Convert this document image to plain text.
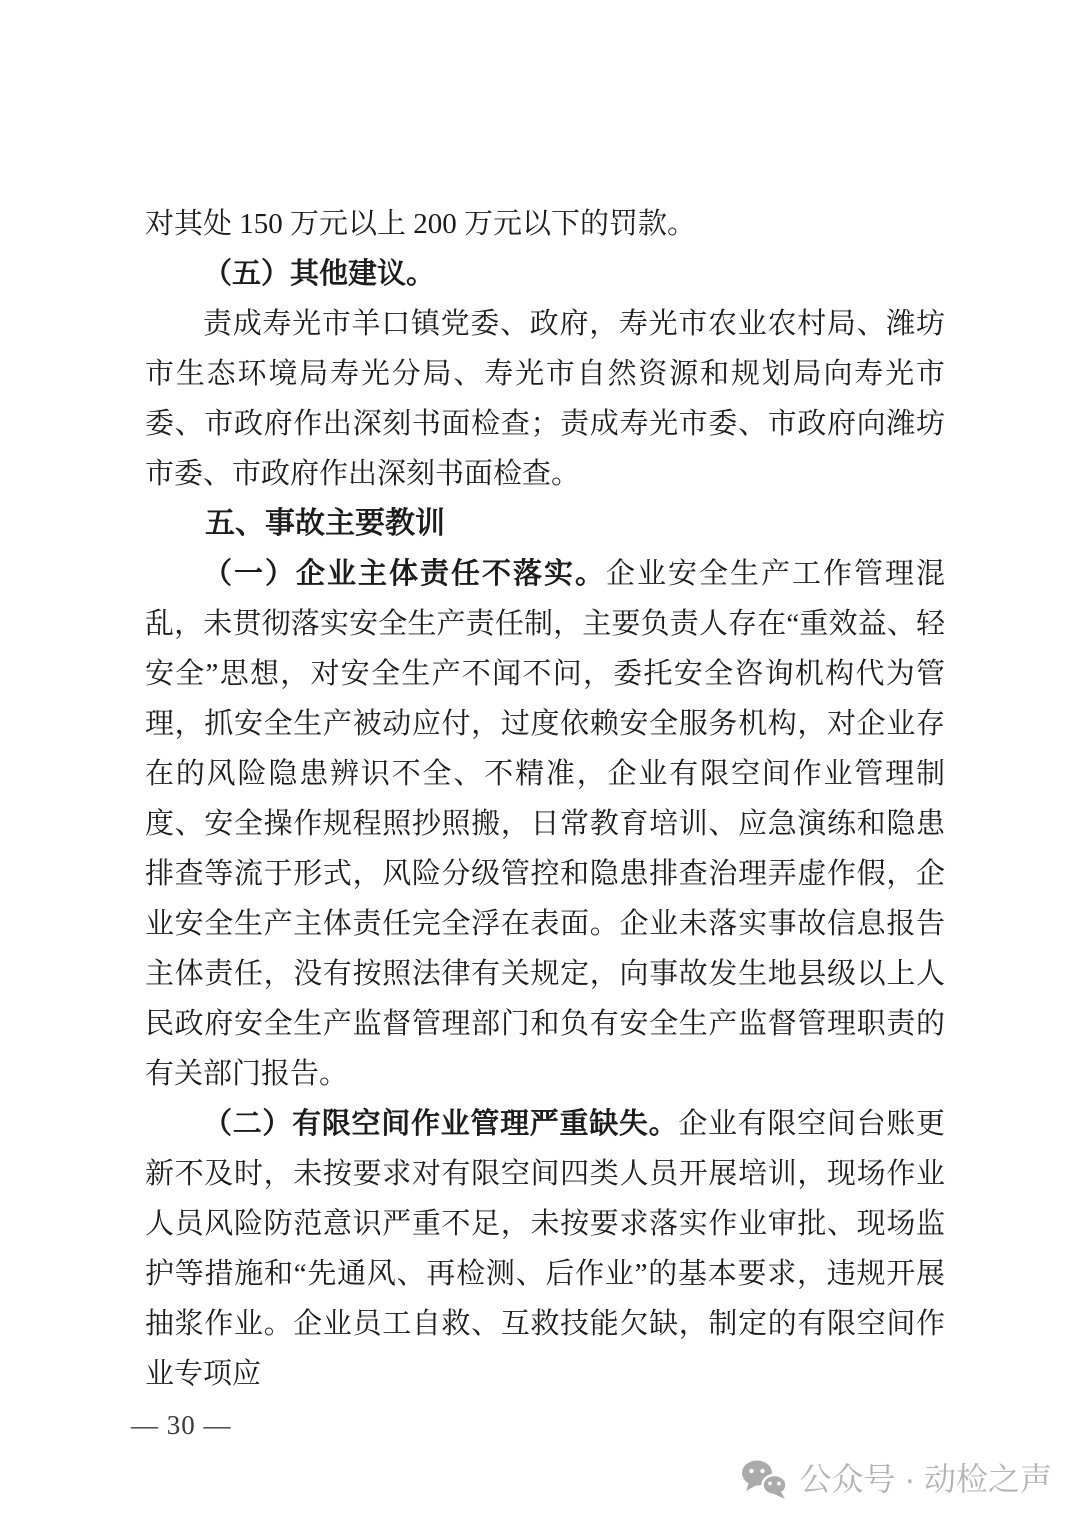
对其处 150 万元以上 200 万元以下的罚款。

（五）其他建议。

责成寿光市羊口镇党委、政府，寿光市农业农村局、潍坊市生态环境局寿光分局、寿光市自然资源和规划局向寿光市委、市政府作出深刻书面检查；责成寿光市委、市政府向潍坊市委、市政府作出深刻书面检查。

五、事故主要教训

（一）企业主体责任不落实。企业安全生产工作管理混乱，未贯彻落实安全生产责任制，主要负责人存在“重效益、轻安全”思想，对安全生产不闻不问，委托安全咨询机构代为管理，抓安全生产被动应付，过度依赖安全服务机构，对企业存在的风险隐患辨识不全、不精准，企业有限空间作业管理制度、安全操作规程照抄照搬，日常教育培训、应急演练和隐患排查等流于形式，风险分级管控和隐患排查治理弄虚作假，企业安全生产主体责任完全浮在表面。企业未落实事故信息报告主体责任，没有按照法律有关规定，向事故发生地县级以上人民政府安全生产监督管理部门和负有安全生产监督管理职责的有关部门报告。

（二）有限空间作业管理严重缺失。企业有限空间台账更新不及时，未按要求对有限空间四类人员开展培训，现场作业人员风险防范意识严重不足，未按要求落实作业审批、现场监护等措施和“先通风、再检测、后作业”的基本要求，违规开展抽浆作业。企业员工自救、互救技能欠缺，制定的有限空间作业专项应

— 30 —
公众号 · 动检之声
